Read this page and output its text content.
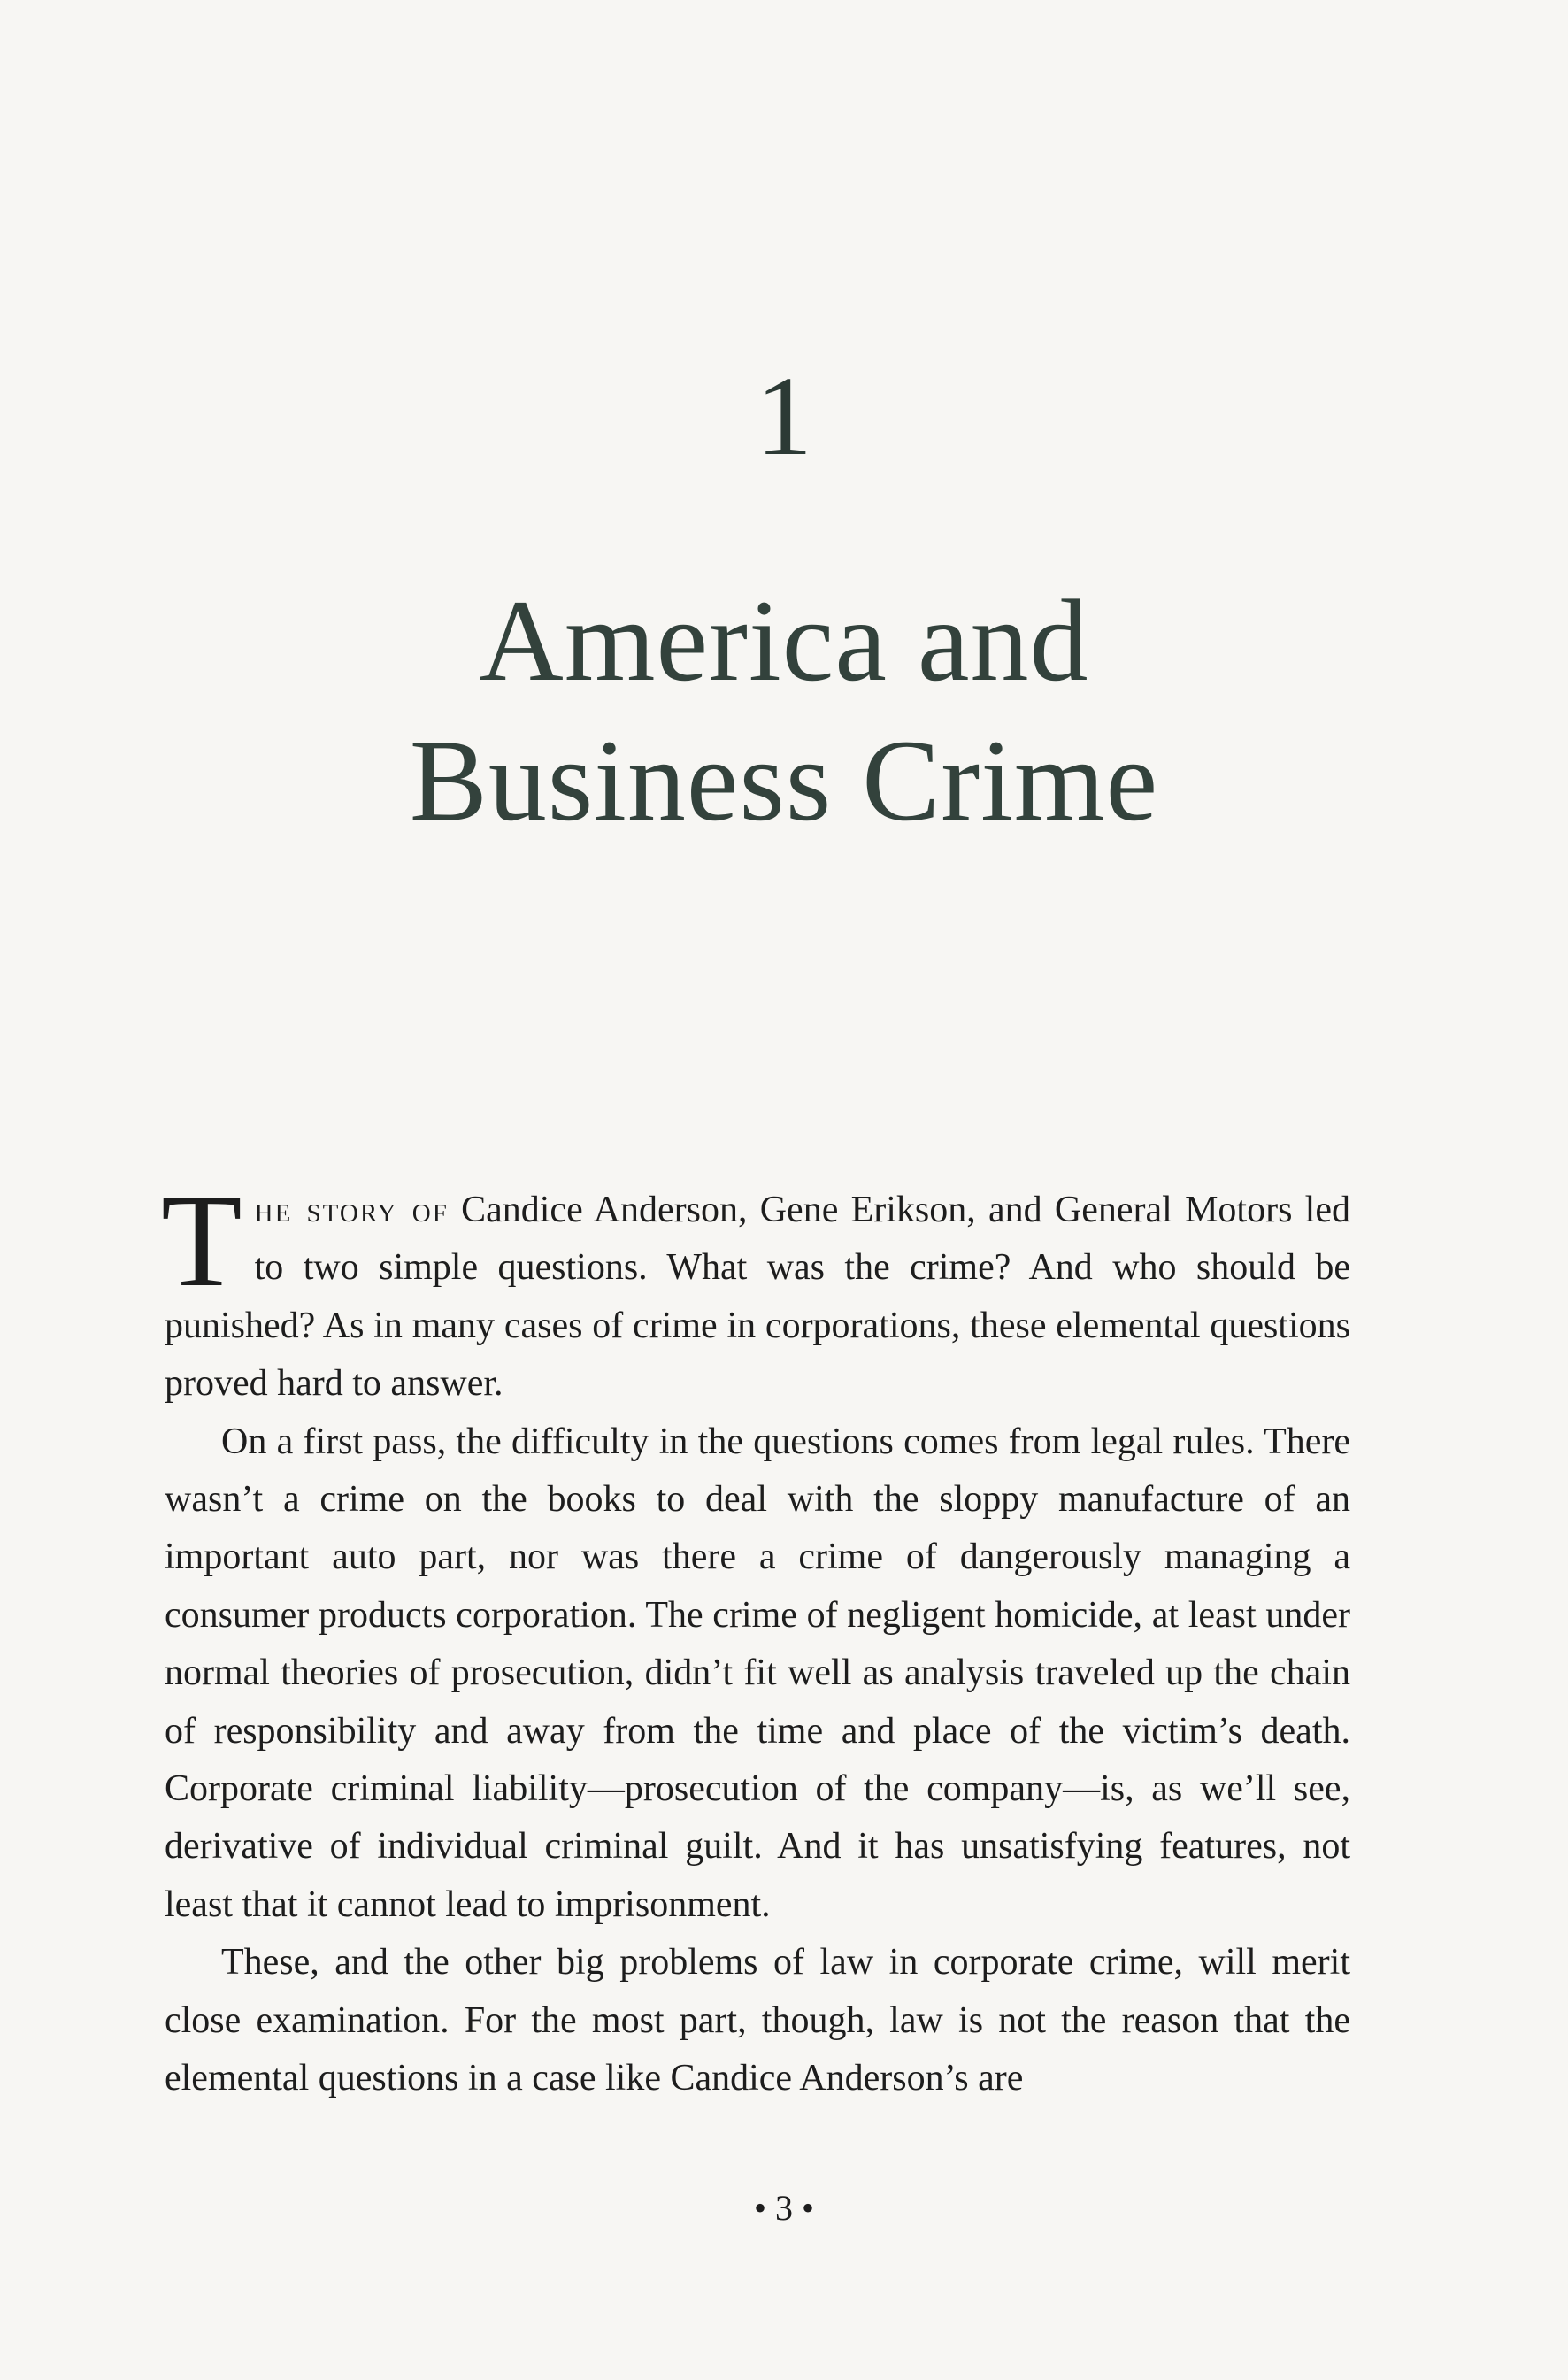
1
America and
Business Crime

The story of Candice Anderson, Gene Erikson, and General Motors led to two simple questions. What was the crime? And who should be punished? As in many cases of crime in corporations, these elemental questions proved hard to answer.

On a first pass, the difficulty in the questions comes from legal rules. There wasn’t a crime on the books to deal with the sloppy manufacture of an important auto part, nor was there a crime of dangerously managing a consumer products corporation. The crime of negligent homicide, at least under normal theories of prosecution, didn’t fit well as analysis traveled up the chain of responsibility and away from the time and place of the victim’s death. Corporate criminal liability—prosecution of the company—is, as we’ll see, derivative of individual criminal guilt. And it has unsatisfying features, not least that it cannot lead to imprisonment.

These, and the other big problems of law in corporate crime, will merit close examination. For the most part, though, law is not the reason that the elemental questions in a case like Candice Anderson’s are

• 3 •
